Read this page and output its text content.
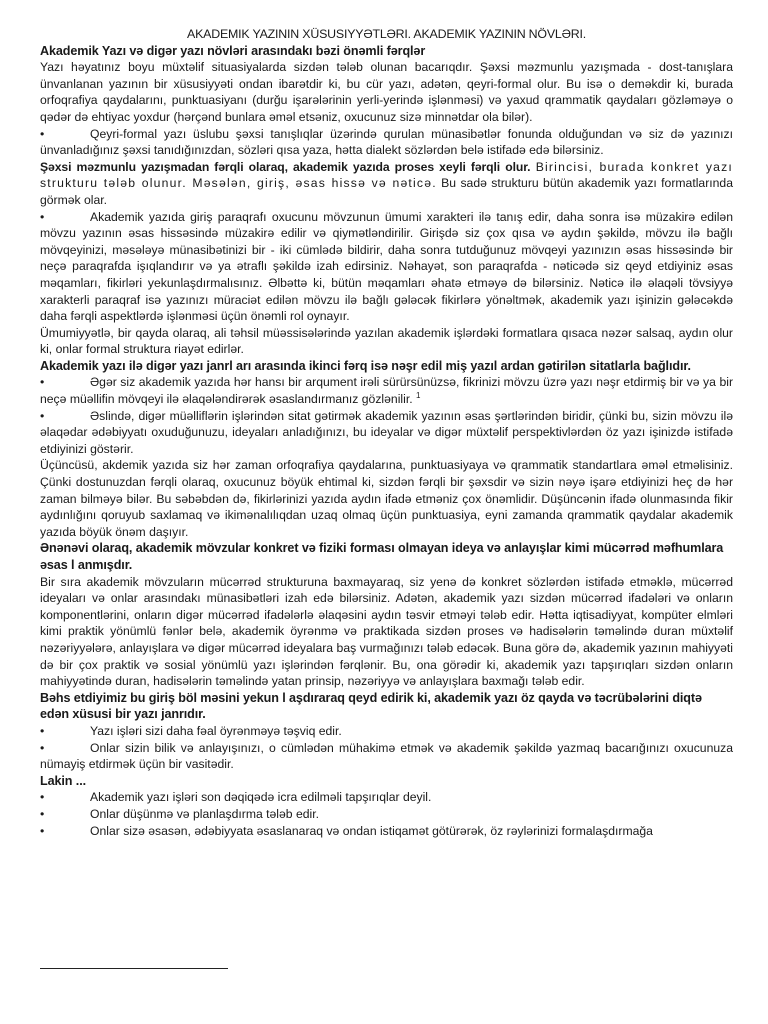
AKADEMIK YAZININ XÜSUSIYYƏTLƏRI. AKADEMIK YAZININ NÖVLƏRI.
Akademik Yazı və digər yazı növləri arasındakı bəzi önəmli fərqlər

Yazı həyatınız boyu müxtəlif situasiyalarda sizdən tələb olunan bacarıqdır. Şəxsi məzmunlu yazışmada - dost-tanışlara ünvanlanan yazının bir xüsusiyyəti ondan ibarətdir ki, bu cür yazı, adətən, qeyri-formal olur. Bu isə o deməkdir ki, burada orfoqrafiya qaydalarını, punktuasiyanı (durğu işarələrinin yerli-yerində işlənməsi) və yaxud qrammatik qaydaları gözləməyə o qədər də ehtiyac yoxdur (hərçənd bunlara əməl etsəniz, oxucunuz sizə minnətdar ola bilər).

•	Qeyri-formal yazı üslubu şəxsi tanışlıqlar üzərində qurulan münasibətlər fonunda olduğundan və siz də yazınızı ünvanladığınız şəxsi tanıdığınızdan, sözləri qısa yaza, hətta dialekt sözlərdən belə istifadə edə bilərsiniz.

Şəxsi məzmunlu yazışmadan fərqli olaraq, akademik yazıda proses xeyli fərqli olur. Birincisi, burada konkret yazı strukturu tələb olunur. Məsələn, giriş, əsas hissə və nəticə. Bu sadə strukturu bütün akademik yazı formatlarında görmək olar.

•	Akademik yazıda giriş paraqrafı oxucunu mövzunun ümumi xarakteri ilə tanış edir, daha sonra isə müzakirə edilən mövzu yazının əsas hissəsində müzakirə edilir və qiymətləndirilir. Girişdə siz çox qısa və aydın şəkildə, mövzu ilə bağlı mövqeyinizi, məsələyə münasibətinizi bir - iki cümlədə bildirir, daha sonra tutduğunuz mövqeyi yazınızın əsas hissəsində bir neçə paraqrafda işıqlandırır və ya ətraflı şəkildə izah edirsiniz. Nəhayət, son paraqrafda - nəticədə siz qeyd etdiyiniz əsas məqamları, fikirləri yekunlaşdırmalısınız. Əlbəttə ki, bütün məqamları əhatə etməyə də bilərsiniz. Nəticə ilə əlaqəli tövsiyyə xarakterli paraqraf isə yazınızı müraciət edilən mövzu ilə bağlı gələcək fikirlərə yönəltmək, akademik yazı işinizin gələcəkdə daha fərqli aspektlərdə işlənməsi üçün önəmli rol oynayır.

Ümumiyyətlə, bir qayda olaraq, ali təhsil müəssisələrində yazılan akademik işlərdəki formatlara qısaca nəzər salsaq, aydın olur ki, onlar formal struktura riayət edirlər.

Akademik yazı ilə digər yazı janrl arı arasında ikinci fərq isə nəşr edil miş yazıl ardan gətirilən sitatlarla bağlıdır.
•	Əgər siz akademik yazıda hər hansı bir arqument irəli sürürsünüzsə, fikrinizi mövzu üzrə yazı nəşr etdirmiş bir və ya bir neçə müəllifin mövqeyi ilə əlaqələndirərək əsaslandırmanız gözlənilir. $^1$
•	Əslində, digər müəlliflərin işlərindən sitat gətirmək akademik yazının əsas şərtlərindən biridir, çünki bu, sizin mövzu ilə əlaqədar ədəbiyyatı oxuduğunuzu, ideyaları anladığınızı, bu ideyalar və digər müxtəlif perspektivlərdən öz yazı işinizdə istifadə etdiyinizi göstərir.

Üçüncüsü, akdemik yazıda siz hər zaman orfoqrafiya qaydalarına, punktuasiyaya və qrammatik standartlara əməl etməlisiniz. Çünki dostunuzdan fərqli olaraq, oxucunuz böyük ehtimal ki, sizdən fərqli bir şəxsdir və sizin nəyə işarə etdiyinizi heç də hər zaman bilməyə bilər. Bu səbəbdən də, fikirlərinizi yazıda aydın ifadə etməniz çox önəmlidir. Düşüncənin ifadə olunmasında fikir aydınlığını qoruyub saxlamaq və ikimənalılıqdan uzaq olmaq üçün punktuasiya, eyni zamanda qrammatik qaydalar akademik yazıda böyük önəm daşıyır.

Ənənəvi olaraq, akademik mövzular konkret və fiziki forması olmayan ideya və anlayışlar kimi mücərrəd məfhumlara əsas l anmışdır.

Bir sıra akademik mövzuların mücərrəd strukturuna baxmayaraq, siz yenə də konkret sözlərdən istifadə etməklə, mücərrəd ideyaları və onlar arasındakı münasibətləri izah edə bilərsiniz. Adətən, akademik yazı sizdən mücərrəd ifadələri və onların komponentlərini, onların digər mücərrəd ifadələrlə əlaqəsini aydın təsvir etməyi tələb edir. Hətta iqtisadiyyat, kompüter elmləri kimi praktik yönümlü fənlər belə, akademik öyrənmə və praktikada sizdən proses və hadisələrin təməlində duran müxtəlif nəzəriyyələrə, anlayışlara və digər mücərrəd ideyalara baş vurmağınızı tələb edəcək. Buna görə də, akademik yazının mahiyyəti də bir çox praktik və sosial yönümlü yazı işlərindən fərqlənir. Bu, ona görədir ki, akademik yazı tapşırıqları sizdən onların mahiyyətində duran, hadisələrin təməlində yatan prinsip, nəzəriyyə və anlayışlara baxmağı tələb edir.

Bəhs etdiyimiz bu giriş böl məsini yekun l aşdıraraq qeyd edirik ki, akademik yazı öz qayda və təcrübələrini diqtə edən xüsusi bir yazı janrıdır.
•	Yazı işləri sizi daha fəal öyrənməyə təşviq edir.
•	Onlar sizin bilik və anlayışınızı, o cümlədən mühakimə etmək və akademik şəkildə yazmaq bacarığınızı oxucunuza nümayiş etdirmək üçün bir vasitədir.
Lakin ...
•	Akademik yazı işləri son dəqiqədə icra edilməli tapşırıqlar deyil.
•	Onlar düşünmə və planlaşdırma tələb edir.
•	Onlar sizə əsasən, ədəbiyyata əsaslanaraq və ondan istiqamət götürərək, öz rəylərinizi formalaşdırmağa
